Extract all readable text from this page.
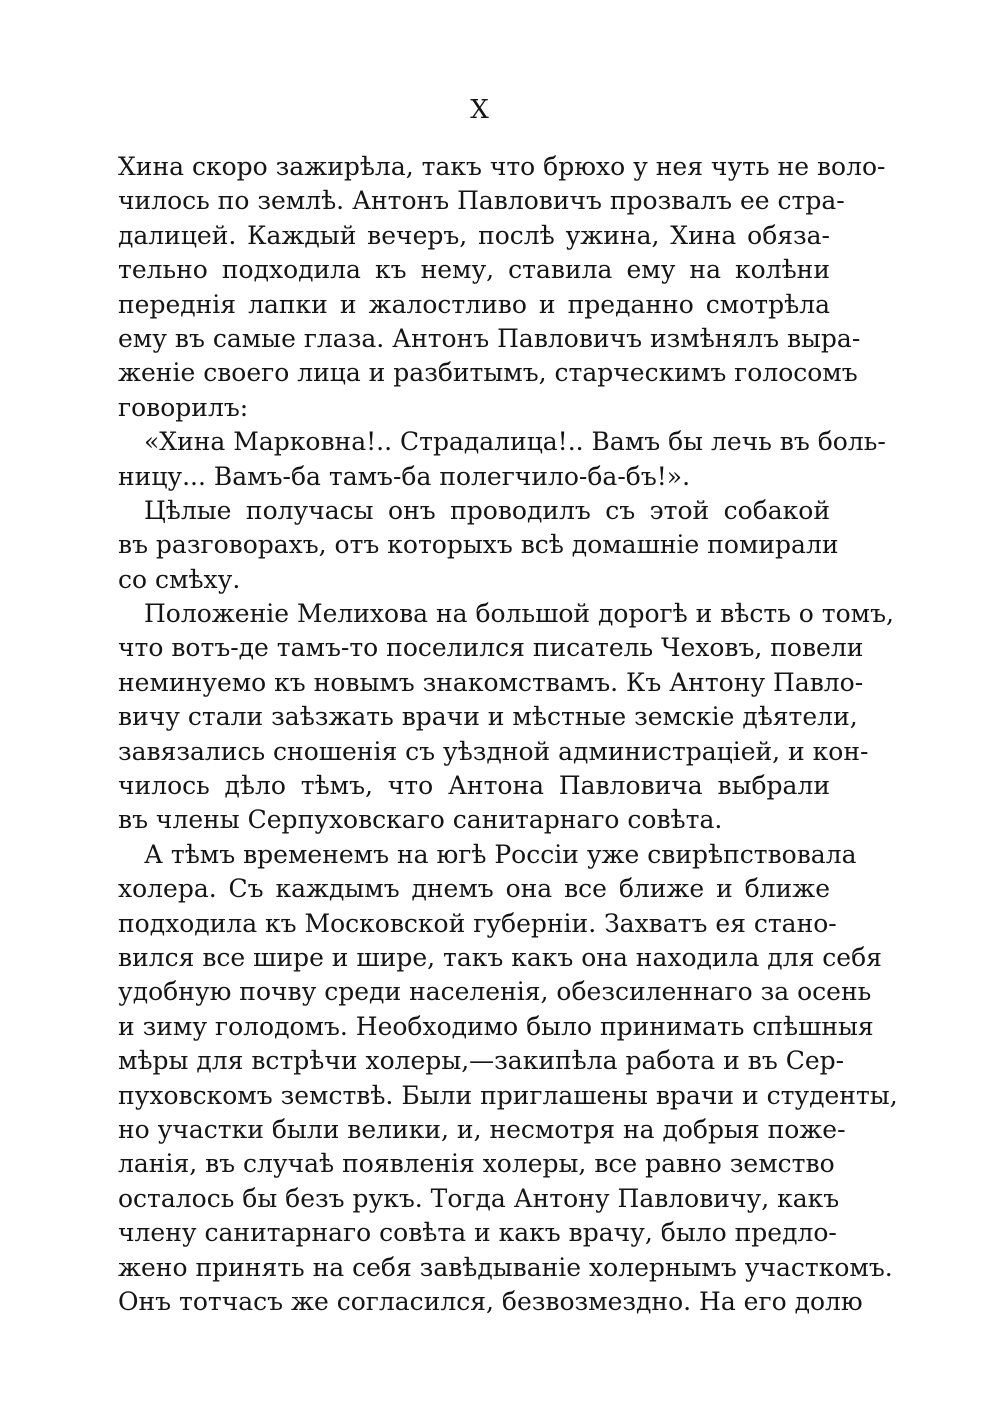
X
Хина скоро зажирѣла, такъ что брюхо у нея чуть не воло-
чилось по землѣ. Антонъ Павловичъ прозвалъ ее стра-
далицей. Каждый вечеръ, послѣ ужина, Хина обяза-
тельно подходила къ нему, ставила ему на колѣни
переднія лапки и жалостливо и преданно смотрѣла
ему въ самые глаза. Антонъ Павловичъ измѣнялъ выра-
женіе своего лица и разбитымъ, старческимъ голосомъ
говорилъ:
«Хина Марковна!.. Страдалица!.. Вамъ бы лечь въ боль-
ницу... Вамъ-ба тамъ-ба полегчило-ба-бъ!».
Цѣлые получасы онъ проводилъ съ этой собакой
въ разговорахъ, отъ которыхъ всѣ домашніе помирали
со смѣху.
Положеніе Мелихова на большой дорогѣ и вѣсть о томъ,
что вотъ-де тамъ-то поселился писатель Чеховъ, повели
неминуемо къ новымъ знакомствамъ. Къ Антону Павло-
вичу стали заѣзжать врачи и мѣстные земскіе дѣятели,
завязались сношенія съ уѣздной администраціей, и кон-
чилось дѣло тѣмъ, что Антона Павловича выбрали
въ члены Серпуховскаго санитарнаго совѣта.
А тѣмъ временемъ на югѣ Россіи уже свирѣпствовала
холера. Съ каждымъ днемъ она все ближе и ближе
подходила къ Московской губерніи. Захватъ ея стано-
вился все шире и шире, такъ какъ она находила для себя
удобную почву среди населенія, обезсиленнаго за осень
и зиму голодомъ. Необходимо было принимать спѣшныя
мѣры для встрѣчи холеры,—закипѣла работа и въ Сер-
пуховскомъ земствѣ. Были приглашены врачи и студенты,
но участки были велики, и, несмотря на добрыя поже-
ланія, въ случаѣ появленія холеры, все равно земство
осталось бы безъ рукъ. Тогда Антону Павловичу, какъ
члену санитарнаго совѣта и какъ врачу, было предло-
жено принять на себя завѣдываніе холернымъ участкомъ.
Онъ тотчасъ же согласился, безвозмездно. На его долю
